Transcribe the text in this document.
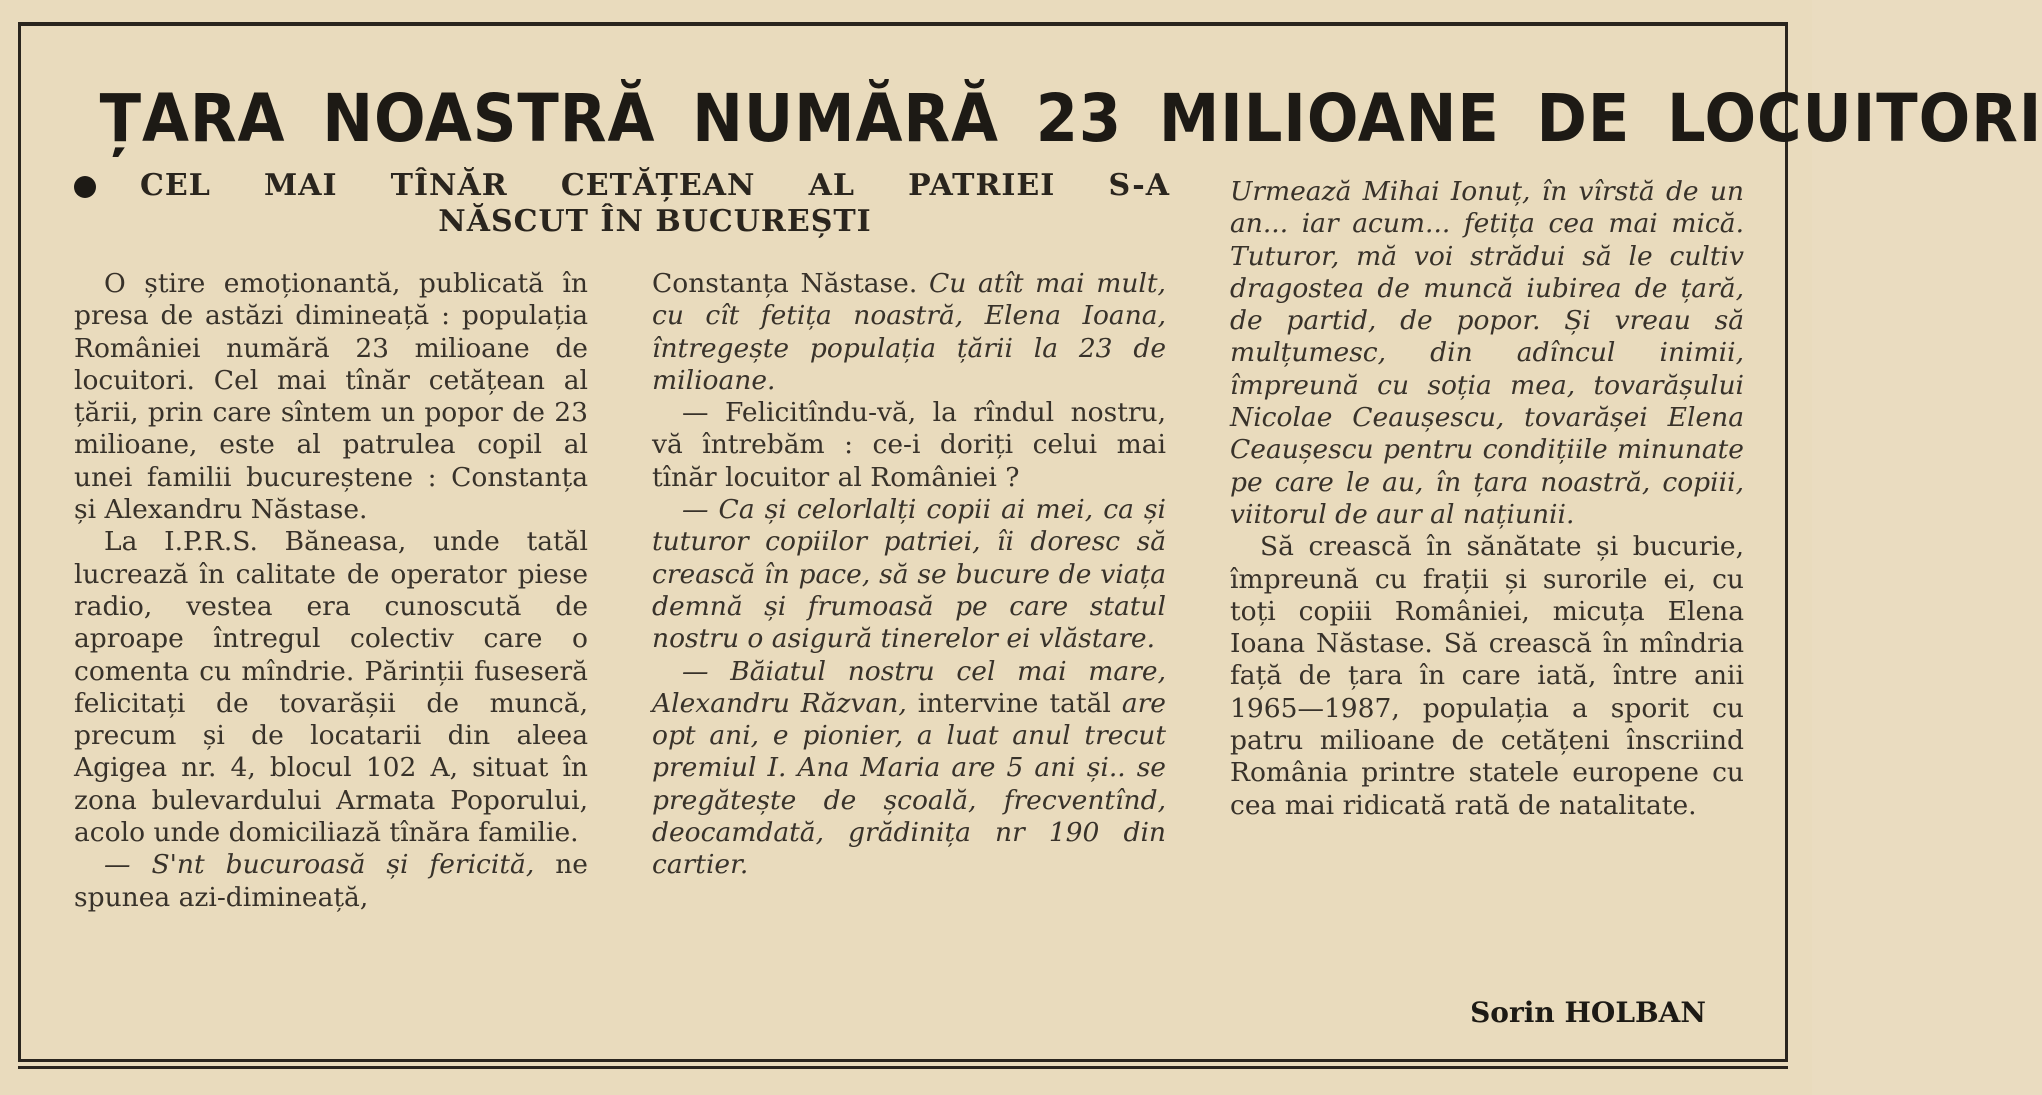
ȚARA NOASTRĂ NUMĂRĂ 23 MILIOANE DE LOCUITORI
CEL MAI TÎNĂR CETĂȚEAN AL PATRIEI S-A
NĂSCUT ÎN BUCUREȘTI

O știre emoționantă, publicată în presa de astăzi dimineață : populația României numără 23 milioane de locuitori. Cel mai tînăr cetățean al țării, prin care sîntem un popor de 23 milioane, este al patrulea copil al unei familii bucureștene : Constanța și Alexandru Năstase.

La I.P.R.S. Băneasa, unde tatăl lucrează în calitate de operator piese radio, vestea era cunoscută de aproape întregul colectiv care o comenta cu mîndrie. Părinții fuseseră felicitați de tovarășii de muncă, precum și de locatarii din aleea Agigea nr. 4, blocul 102 A, situat în zona bulevardului Armata Poporului, acolo unde domiciliază tînăra familie.

— S'nt bucuroasă și fericită, ne spunea azi-dimineață,

Constanța Năstase. Cu atît mai mult, cu cît fetița noastră, Elena Ioana, întregește populația țării la 23 de milioane.

— Felicitîndu-vă, la rîndul nostru, vă întrebăm : ce-i doriți celui mai tînăr locuitor al României ?

— Ca și celorlalți copii ai mei, ca și tuturor copiilor patriei, îi doresc să crească în pace, să se bucure de viața demnă și frumoasă pe care statul nostru o asigură tinerelor ei vlăstare.

— Băiatul nostru cel mai mare, Alexandru Răzvan, intervine tatăl are opt ani, e pionier, a luat anul trecut premiul I. Ana Maria are 5 ani și.. se pregătește de școală, frecventînd, deocamdată, grădinița nr 190 din cartier.

Urmează Mihai Ionuț, în vîrstă de un an... iar acum... fetița cea mai mică. Tuturor, mă voi strădui să le cultiv dragostea de muncă iubirea de țară, de partid, de popor. Și vreau să mulțumesc, din adîncul inimii, împreună cu soția mea, tovarășului Nicolae Ceaușescu, tovarășei Elena Ceaușescu pentru condițiile minunate pe care le au, în țara noastră, copiii, viitorul de aur al națiunii.

Să crească în sănătate și bucurie, împreună cu frații și surorile ei, cu toți copiii României, micuța Elena Ioana Năstase. Să crească în mîndria față de țara în care iată, între anii 1965—1987, populația a sporit cu patru milioane de cetățeni înscriind România printre statele europene cu cea mai ridicată rată de natalitate.

Sorin HOLBAN
